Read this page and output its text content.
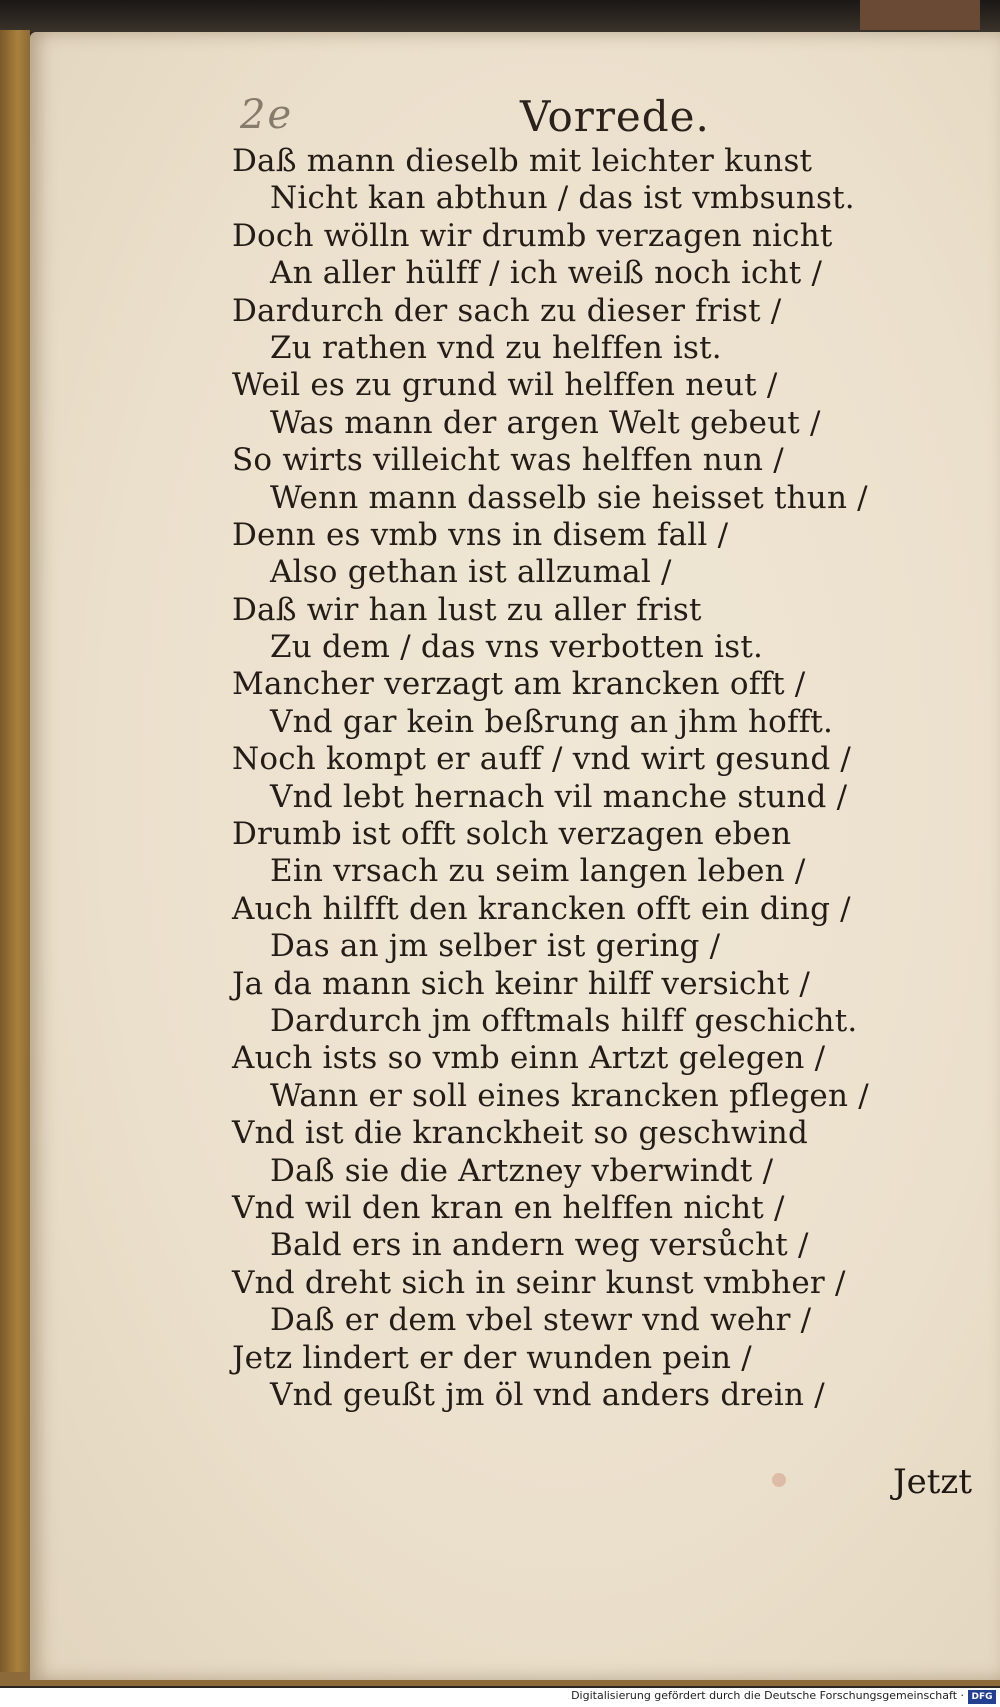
2e	Vorrede.
Daß mann dieselb mit leichter kunst
Nicht kan abthun / das ist vmbsunst.
Doch wölln wir drumb verzagen nicht
An aller hülff / ich weiß noch icht /
Dardurch der sach zu dieser frist /
Zu rathen vnd zu helffen ist.
Weil es zu grund wil helffen neut /
Was mann der argen Welt gebeut /
So wirts villeicht was helffen nun /
Wenn mann dasselb sie heisset thun /
Denn es vmb vns in disem fall /
Also gethan ist allzumal /
Daß wir han lust zu aller frist
Zu dem / das vns verbotten ist.
Mancher verzagt am krancken offt /
Vnd gar kein beßrung an jhm hofft.
Noch kompt er auff / vnd wirt gesund /
Vnd lebt hernach vil manche stund /
Drumb ist offt solch verzagen eben
Ein vrsach zu seim langen leben /
Auch hilfft den krancken offt ein ding /
Das an jm selber ist gering /
Ja da mann sich keinr hilff versicht /
Dardurch jm offtmals hilff geschicht.
Auch ists so vmb einn Artzt gelegen /
Wann er soll eines krancken pflegen /
Vnd ist die kranckheit so geschwind
Daß sie die Artzney vberwindt /
Vnd wil den kran en helffen nicht /
Bald ers in andern weg versůcht /
Vnd dreht sich in seinr kunst vmbher /
Daß er dem vbel stewr vnd wehr /
Jetz lindert er der wunden pein /
Vnd geußt jm öl vnd anders drein /
Jetzt
Digitalisierung gefördert durch die Deutsche Forschungsgemeinschaft · DFG
